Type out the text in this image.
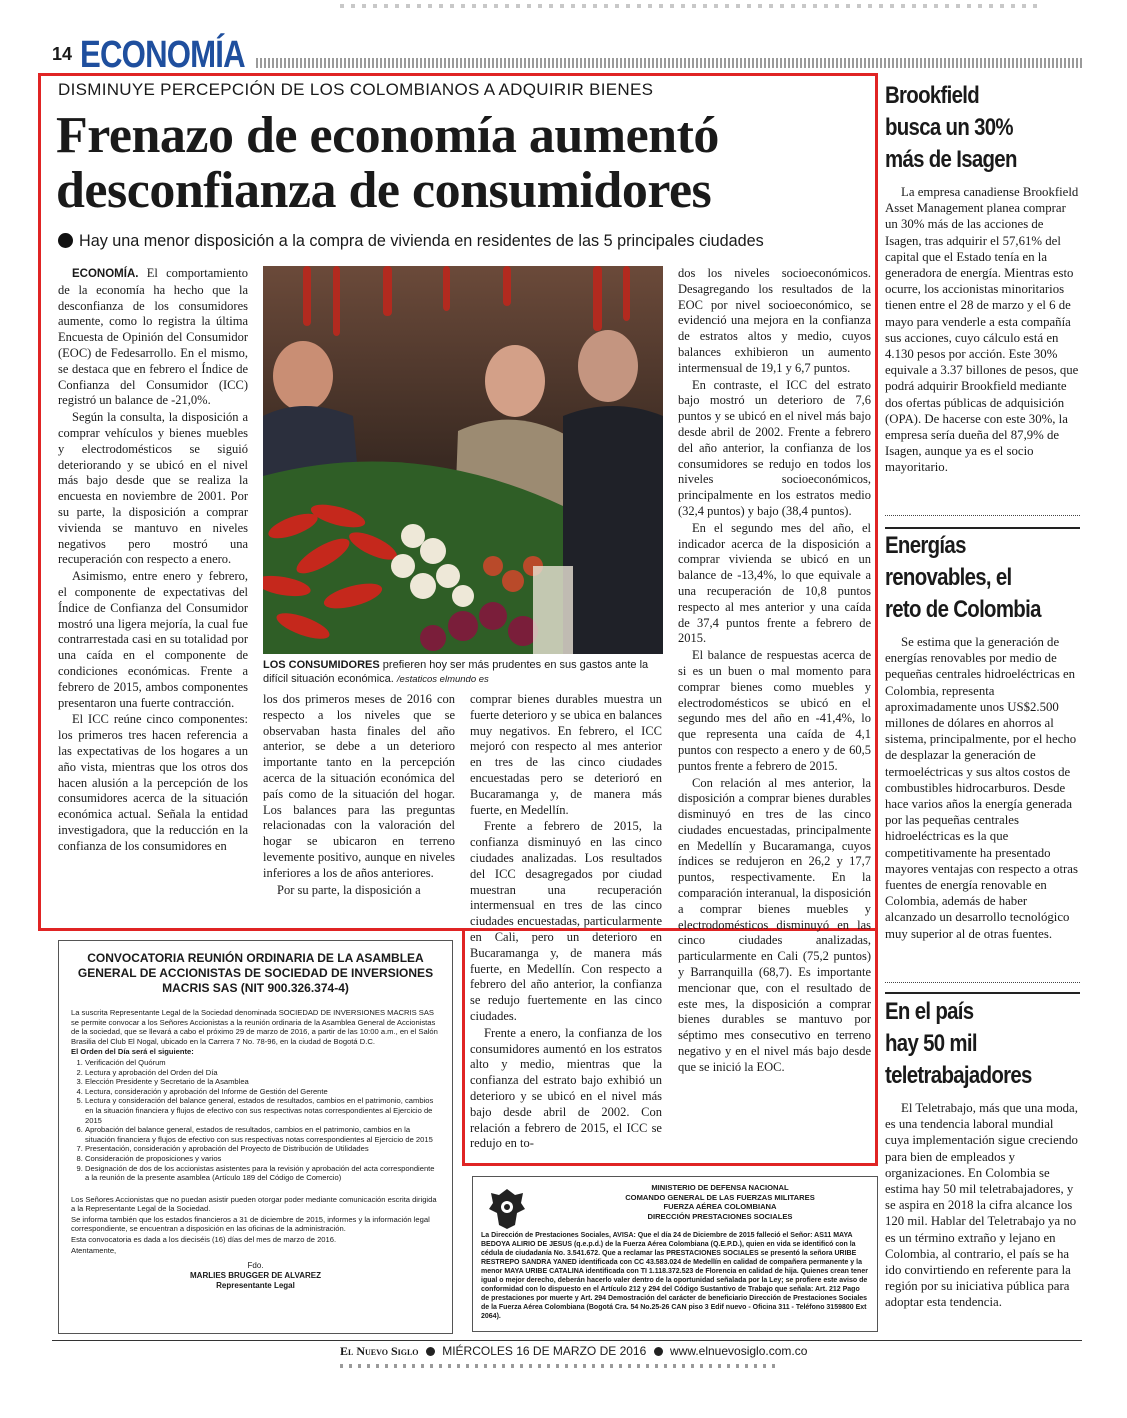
14 ECONOMÍA
DISMINUYE PERCEPCIÓN DE LOS COLOMBIANOS A ADQUIRIR BIENES
Frenazo de economía aumentó
desconfianza de consumidores
Hay una menor disposición a la compra de vivienda en residentes de las 5 principales ciudades

ECONOMÍA. El comportamiento de la economía ha hecho que la desconfianza de los consumidores aumente, como lo registra la última Encuesta de Opinión del Consumidor (EOC) de Fedesarrollo. En el mismo, se destaca que en febrero el Índice de Confianza del Consumidor (ICC) registró un balance de -21,0%.

Según la consulta, la disposición a comprar vehículos y bienes muebles y electrodomésticos se siguió deteriorando y se ubicó en el nivel más bajo desde que se realiza la encuesta en noviembre de 2001. Por su parte, la disposición a comprar vivienda se mantuvo en niveles negativos pero mostró una recuperación con respecto a enero.

Asimismo, entre enero y febrero, el componente de expectativas del Índice de Confianza del Consumidor mostró una ligera mejoría, la cual fue contrarrestada casi en su totalidad por una caída en el componente de condiciones económicas. Frente a febrero de 2015, ambos componentes presentaron una fuerte contracción.

El ICC reúne cinco componentes: los primeros tres hacen referencia a las expectativas de los hogares a un año vista, mientras que los otros dos hacen alusión a la percepción de los consumidores acerca de la situación económica actual. Señala la entidad investigadora, que la reducción en la confianza de los consumidores en

LOS CONSUMIDORES prefieren hoy ser más prudentes en sus gastos ante la difícil situación económica. /estaticos elmundo es

los dos primeros meses de 2016 con respecto a los niveles que se observaban hasta finales del año anterior, se debe a un deterioro importante tanto en la percepción acerca de la situación económica del país como de la situación del hogar. Los balances para las preguntas relacionadas con la valoración del hogar se ubicaron en terreno levemente positivo, aunque en niveles inferiores a los de años anteriores.

Por su parte, la disposición a

comprar bienes durables muestra un fuerte deterioro y se ubica en balances muy negativos. En febrero, el ICC mejoró con respecto al mes anterior en tres de las cinco ciudades encuestadas pero se deterioró en Bucaramanga y, de manera más fuerte, en Medellín.

Frente a febrero de 2015, la confianza disminuyó en las cinco ciudades analizadas. Los resultados del ICC desagregados por ciudad muestran una recuperación intermensual en tres de las cinco ciudades encuestadas, particularmente en Cali, pero un deterioro en Bucaramanga y, de manera más fuerte, en Medellín. Con respecto a febrero del año anterior, la confianza se redujo fuertemente en las cinco ciudades.

Frente a enero, la confianza de los consumidores aumentó en los estratos alto y medio, mientras que la confianza del estrato bajo exhibió un deterioro y se ubicó en el nivel más bajo desde abril de 2002. Con relación a febrero de 2015, el ICC se redujo en to-

dos los niveles socioeconómicos. Desagregando los resultados de la EOC por nivel socioeconómico, se evidenció una mejora en la confianza de estratos altos y medio, cuyos balances exhibieron un aumento intermensual de 19,1 y 6,7 puntos.

En contraste, el ICC del estrato bajo mostró un deterioro de 7,6 puntos y se ubicó en el nivel más bajo desde abril de 2002. Frente a febrero del año anterior, la confianza de los consumidores se redujo en todos los niveles socioeconómicos, principalmente en los estratos medio (32,4 puntos) y bajo (38,4 puntos).

En el segundo mes del año, el indicador acerca de la disposición a comprar vivienda se ubicó en un balance de -13,4%, lo que equivale a una recuperación de 10,8 puntos respecto al mes anterior y una caída de 37,4 puntos frente a febrero de 2015.

El balance de respuestas acerca de si es un buen o mal momento para comprar bienes como muebles y electrodomésticos se ubicó en el segundo mes del año en -41,4%, lo que representa una caída de 4,1 puntos con respecto a enero y de 60,5 puntos frente a febrero de 2015.

Con relación al mes anterior, la disposición a comprar bienes durables disminuyó en tres de las cinco ciudades encuestadas, principalmente en Medellín y Bucaramanga, cuyos índices se redujeron en 26,2 y 17,7 puntos, respectivamente. En la comparación interanual, la disposición a comprar bienes muebles y electrodomésticos disminuyó en las cinco ciudades analizadas, particularmente en Cali (75,2 puntos) y Barranquilla (68,7). Es importante mencionar que, con el resultado de este mes, la disposición a comprar bienes durables se mantuvo por séptimo mes consecutivo en terreno negativo y en el nivel más bajo desde que se inició la EOC.

Brookfield
busca un 30%
más de Isagen

La empresa canadiense Brookfield Asset Management planea comprar un 30% más de las acciones de Isagen, tras adquirir el 57,61% del capital que el Estado tenía en la generadora de energía. Mientras esto ocurre, los accionistas minoritarios tienen entre el 28 de marzo y el 6 de mayo para venderle a esta compañía sus acciones, cuyo cálculo está en 4.130 pesos por acción. Este 30% equivale a 3.37 billones de pesos, que podrá adquirir Brookfield mediante dos ofertas públicas de adquisición (OPA). De hacerse con este 30%, la empresa sería dueña del 87,9% de Isagen, aunque ya es el socio mayoritario.

Energías
renovables, el
reto de Colombia

Se estima que la generación de energías renovables por medio de pequeñas centrales hidroeléctricas en Colombia, representa aproximadamente unos US$2.500 millones de dólares en ahorros al sistema, principalmente, por el hecho de desplazar la generación de termoeléctricas y sus altos costos de combustibles hidrocarburos. Desde hace varios años la energía generada por las pequeñas centrales hidroeléctricas es la que competitivamente ha presentado mayores ventajas con respecto a otras fuentes de energía renovable en Colombia, además de haber alcanzado un desarrollo tecnológico muy superior al de otras fuentes.

En el país
hay 50 mil
teletrabajadores

El Teletrabajo, más que una moda, es una tendencia laboral mundial cuya implementación sigue creciendo para bien de empleados y organizaciones. En Colombia se estima hay 50 mil teletrabajadores, y se aspira en 2018 la cifra alcance los 120 mil. Hablar del Teletrabajo ya no es un término extraño y lejano en Colombia, al contrario, el país se ha ido convirtiendo en referente para la región por su iniciativa pública para adoptar esta tendencia.

CONVOCATORIA REUNIÓN ORDINARIA DE LA ASAMBLEA GENERAL DE ACCIONISTAS DE SOCIEDAD DE INVERSIONES MACRIS SAS (NIT 900.326.374-4)

La suscrita Representante Legal de la Sociedad denominada SOCIEDAD DE INVERSIONES MACRIS SAS se permite convocar a los Señores Accionistas a la reunión ordinaria de la Asamblea General de Accionistas de la sociedad, que se llevará a cabo el próximo 29 de marzo de 2016, a partir de las 10:00 a.m., en el Salón Brasilia del Club El Nogal, ubicado en la Carrera 7 No. 78-96, en la ciudad de Bogotá D.C.

El Orden del Día será el siguiente:

1. Verificación del Quórum
2. Lectura y aprobación del Orden del Día
3. Elección Presidente y Secretario de la Asamblea
4. Lectura, consideración y aprobación del Informe de Gestión del Gerente
5. Lectura y consideración del balance general, estados de resultados, cambios en el patrimonio, cambios en la situación financiera y flujos de efectivo con sus respectivas notas correspondientes al Ejercicio de 2015
6. Aprobación del balance general, estados de resultados, cambios en el patrimonio, cambios en la situación financiera y flujos de efectivo con sus respectivas notas correspondientes al Ejercicio de 2015
7. Presentación, consideración y aprobación del Proyecto de Distribución de Utilidades
8. Consideración de proposiciones y varios
9. Designación de dos de los accionistas asistentes para la revisión y aprobación del acta correspondiente a la reunión de la presente asamblea (Artículo 189 del Código de Comercio)

Los Señores Accionistas que no puedan asistir pueden otorgar poder mediante comunicación escrita dirigida a la Representante Legal de la Sociedad.

Se informa también que los estados financieros a 31 de diciembre de 2015, informes y la información legal correspondiente, se encuentran a disposición en las oficinas de la administración.

Esta convocatoria es dada a los dieciséis (16) días del mes de marzo de 2016.

Atentamente,

Fdo.
MARLIES BRUGGER DE ALVAREZ
Representante Legal
MINISTERIO DE DEFENSA NACIONAL
COMANDO GENERAL DE LAS FUERZAS MILITARES
FUERZA AÉREA COLOMBIANA
DIRECCIÓN PRESTACIONES SOCIALES
La Dirección de Prestaciones Sociales, AVISA: Que el día 24 de Diciembre de 2015 falleció el Señor: AS11 MAYA BEDOYA ALIRIO DE JESUS (q.e.p.d.) de la Fuerza Aérea Colombiana (Q.E.P.D.), quien en vida se identificó con la cédula de ciudadanía No. 3.541.672. Que a reclamar las PRESTACIONES SOCIALES se presentó la señora URIBE RESTREPO SANDRA YANED identificada con CC 43.583.024 de Medellín en calidad de compañera permanente y la menor MAYA URIBE CATALINA identificada con TI 1.118.372.523 de Florencia en calidad de hija. Quienes crean tener igual o mejor derecho, deberán hacerlo valer dentro de la oportunidad señalada por la Ley; se profiere este aviso de conformidad con lo dispuesto en el Artículo 212 y 294 del Código Sustantivo de Trabajo que señala: Art. 212 Pago de prestaciones por muerte y Art. 294 Demostración del carácter de beneficiario Dirección de Prestaciones Sociales de la Fuerza Aérea Colombiana (Bogotá Cra. 54 No.25-26 CAN piso 3 Edif nuevo - Oficina 311 - Teléfono 3159800 Ext 2064).
El Nuevo Siglo MIÉRCOLES 16 DE MARZO DE 2016 www.elnuevosiglo.com.co
